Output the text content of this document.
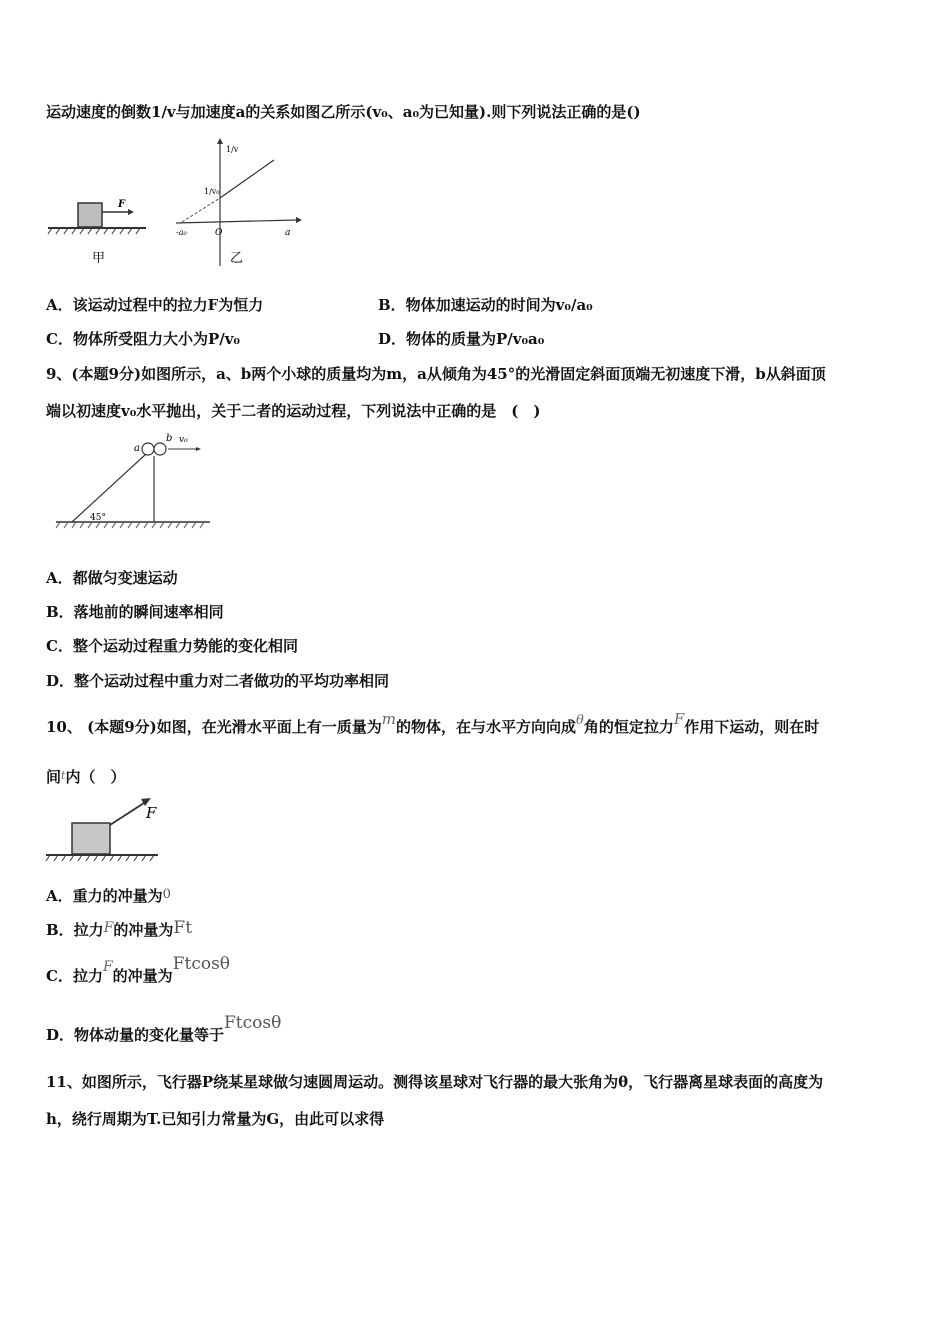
运动速度的倒数1/v与加速度a的关系如图乙所示(v₀、a₀为已知量).则下列说法正确的是()
F
甲
1/v
1/v₀
O
-a₀	a
乙
A．该运动过程中的拉力F为恒力	B．物体加速运动的时间为v₀/a₀
C．物体所受阻力大小为P/v₀	D．物体的质量为P/v₀a₀
9、(本题9分)如图所示，a、b两个小球的质量均为m，a从倾角为45°的光滑固定斜面顶端无初速度下滑，b从斜面顶
端以初速度v₀水平抛出，关于二者的运动过程，下列说法中正确的是　(　)
a
b v₀
45°
A．都做匀变速运动
B．落地前的瞬间速率相同
C．整个运动过程重力势能的变化相同
D．整个运动过程中重力对二者做功的平均功率相同
10、 (本题9分)如图，在光滑水平面上有一质量为m的物体，在与水平方向向成θ角的恒定拉力F作用下运动，则在时
间$^t$内（　）
F
A．重力的冲量为0
B．拉力F的冲量为Ft
C．拉力F的冲量为Ftcosθ
D．物体动量的变化量等于Ftcosθ
11、如图所示，飞行器P绕某星球做匀速圆周运动。测得该星球对飞行器的最大张角为θ，飞行器离星球表面的高度为
h，绕行周期为T.已知引力常量为G，由此可以求得
